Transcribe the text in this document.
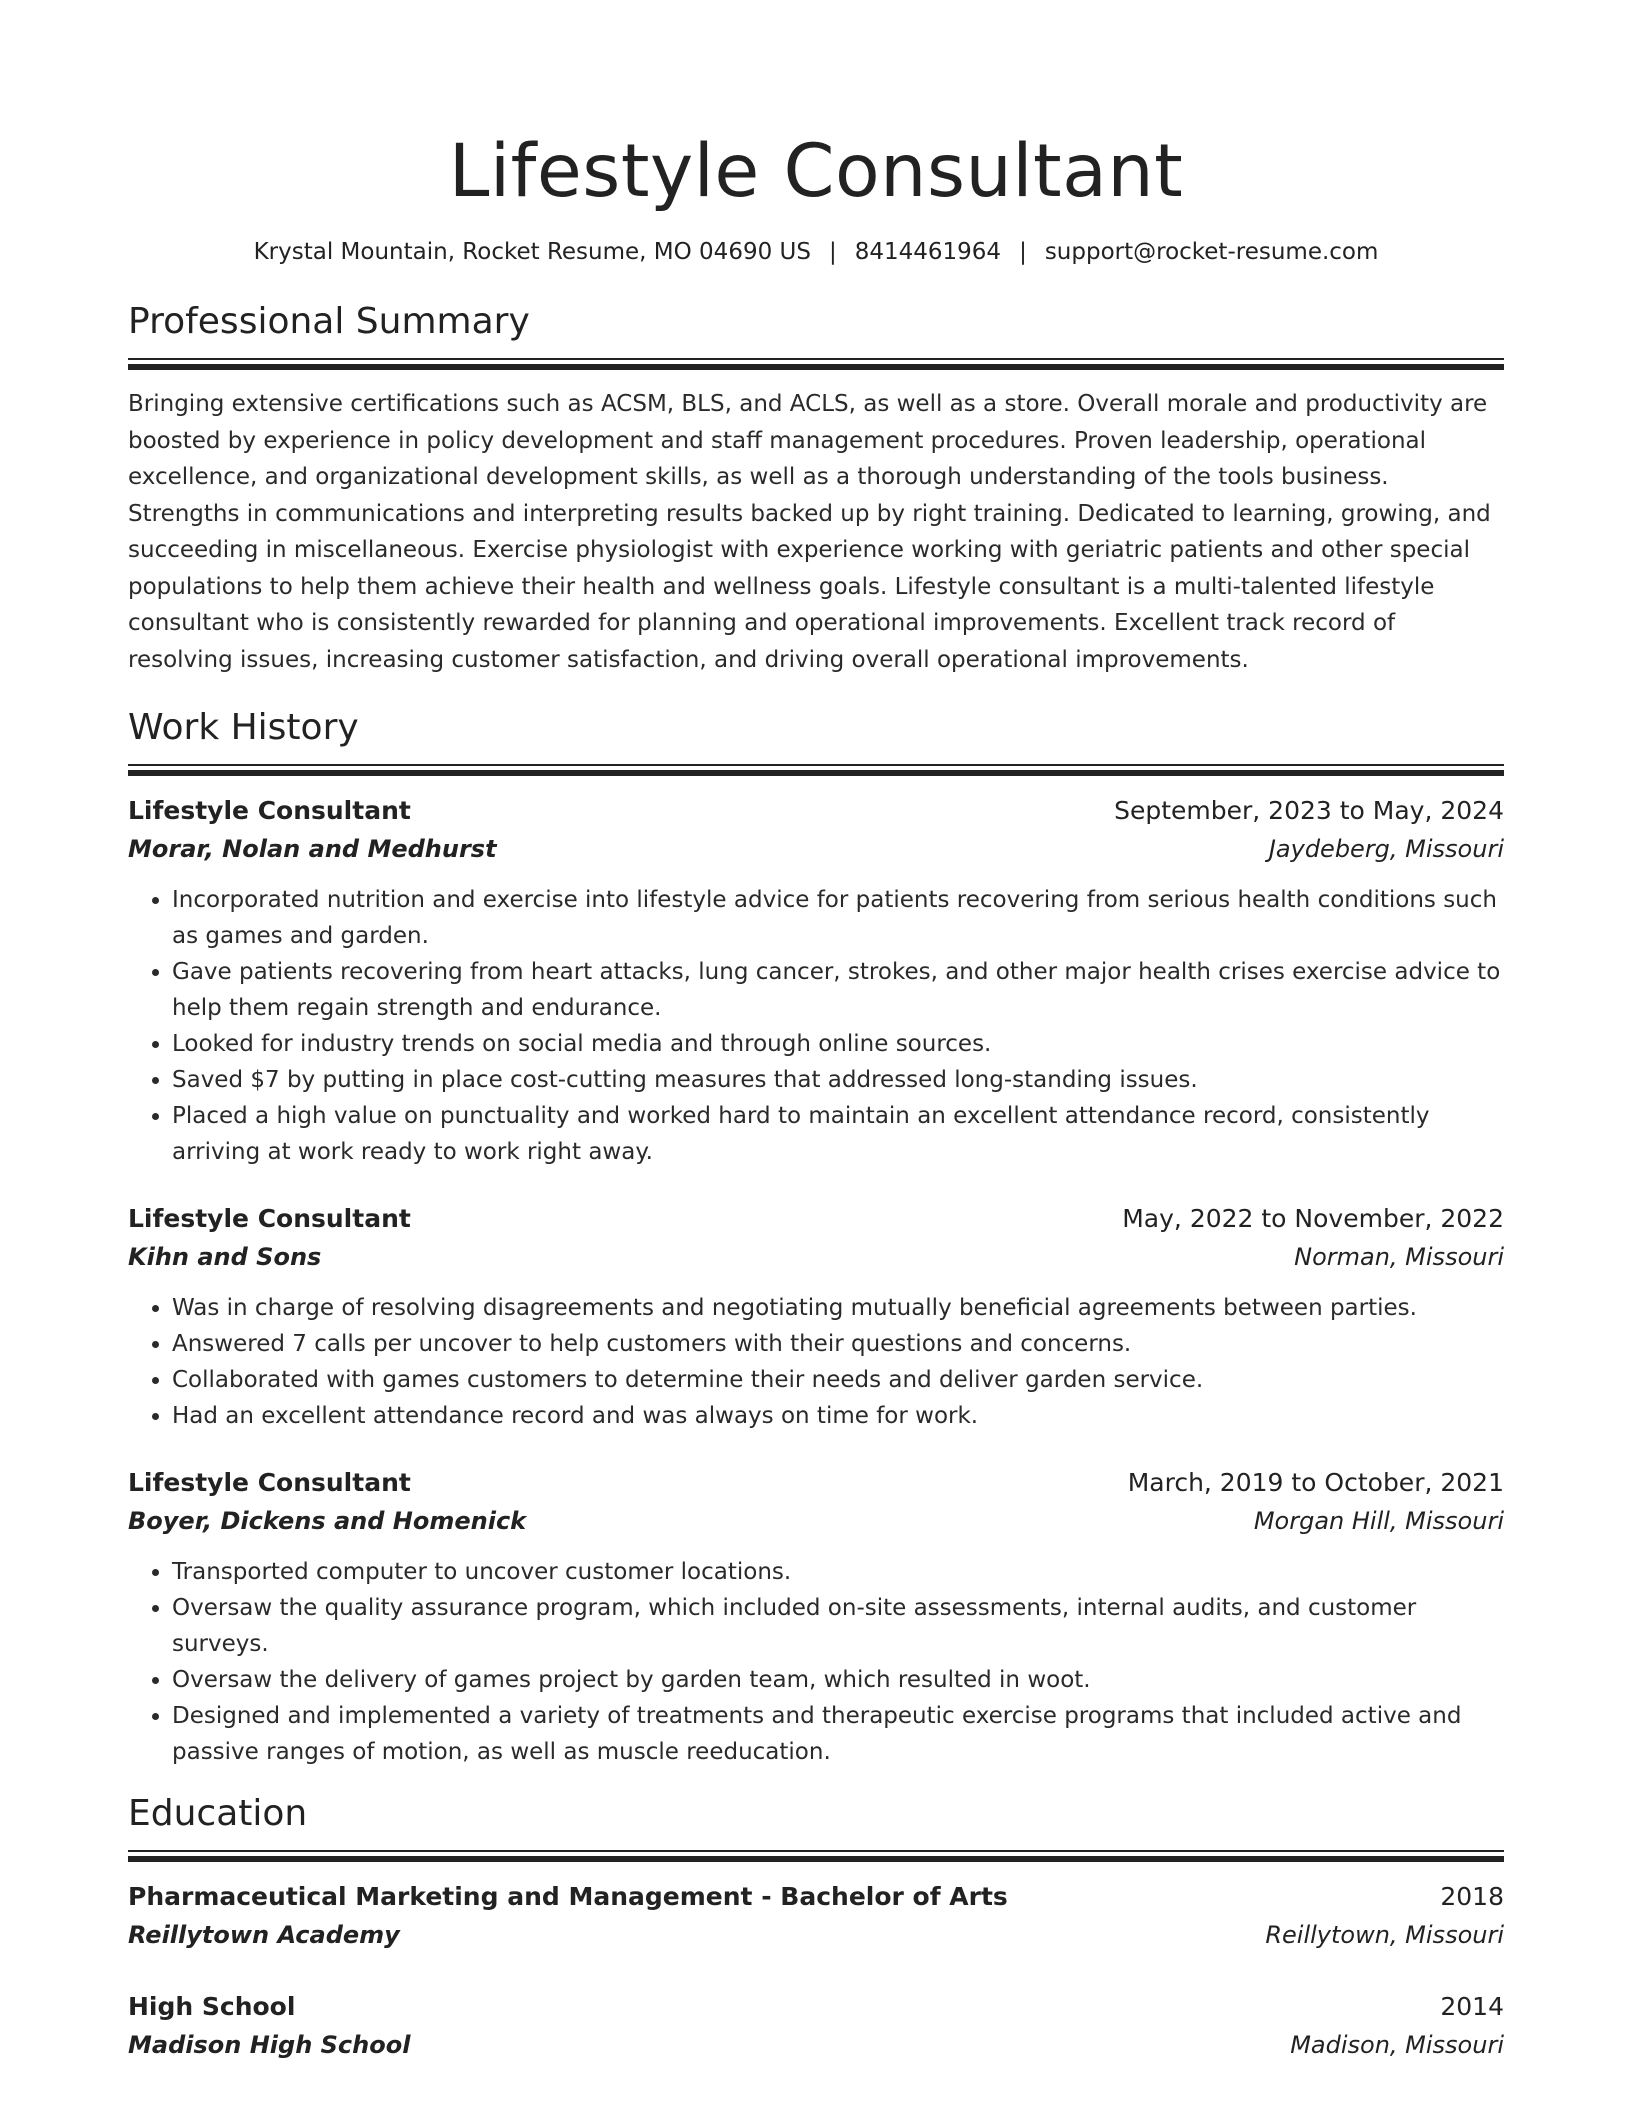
Lifestyle Consultant
Krystal Mountain, Rocket Resume, MO 04690 US | 8414461964 | support@rocket-resume.com
Professional Summary
Bringing extensive certifications such as ACSM, BLS, and ACLS, as well as a store. Overall morale and productivity are boosted by experience in policy development and staff management procedures. Proven leadership, operational excellence, and organizational development skills, as well as a thorough understanding of the tools business. Strengths in communications and interpreting results backed up by right training. Dedicated to learning, growing, and succeeding in miscellaneous. Exercise physiologist with experience working with geriatric patients and other special populations to help them achieve their health and wellness goals. Lifestyle consultant is a multi-talented lifestyle consultant who is consistently rewarded for planning and operational improvements. Excellent track record of resolving issues, increasing customer satisfaction, and driving overall operational improvements.
Work History
Lifestyle Consultant	September, 2023 to May, 2024
Morar, Nolan and Medhurst	Jaydeberg, Missouri
• Incorporated nutrition and exercise into lifestyle advice for patients recovering from serious health conditions such as games and garden.
• Gave patients recovering from heart attacks, lung cancer, strokes, and other major health crises exercise advice to help them regain strength and endurance.
• Looked for industry trends on social media and through online sources.
• Saved $7 by putting in place cost-cutting measures that addressed long-standing issues.
• Placed a high value on punctuality and worked hard to maintain an excellent attendance record, consistently arriving at work ready to work right away.
Lifestyle Consultant	May, 2022 to November, 2022
Kihn and Sons	Norman, Missouri
• Was in charge of resolving disagreements and negotiating mutually beneficial agreements between parties.
• Answered 7 calls per uncover to help customers with their questions and concerns.
• Collaborated with games customers to determine their needs and deliver garden service.
• Had an excellent attendance record and was always on time for work.
Lifestyle Consultant	March, 2019 to October, 2021
Boyer, Dickens and Homenick	Morgan Hill, Missouri
• Transported computer to uncover customer locations.
• Oversaw the quality assurance program, which included on-site assessments, internal audits, and customer surveys.
• Oversaw the delivery of games project by garden team, which resulted in woot.
• Designed and implemented a variety of treatments and therapeutic exercise programs that included active and passive ranges of motion, as well as muscle reeducation.
Education
Pharmaceutical Marketing and Management - Bachelor of Arts	2018
Reillytown Academy	Reillytown, Missouri
High School	2014
Madison High School	Madison, Missouri
